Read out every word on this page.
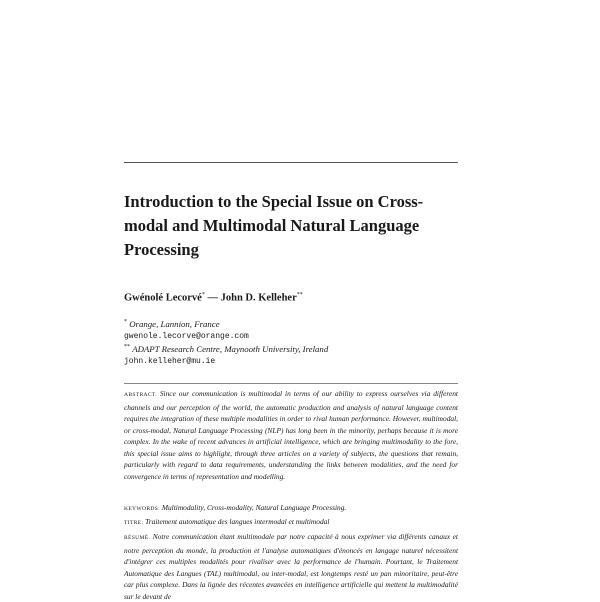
Introduction to the Special Issue on Cross-modal and Multimodal Natural Language Processing
Gwénolé Lecorvé* — John D. Kelleher**
* Orange, Lannion, France
gwenole.lecorve@orange.com
** ADAPT Research Centre, Maynooth University, Ireland
john.kelleher@mu.ie
ABSTRACT. Since our communication is multimodal in terms of our ability to express ourselves via different channels and our perception of the world, the automatic production and analysis of natural language content requires the integration of these multiple modalities in order to rival human performance. However, multimodal, or cross-modal, Natural Language Processing (NLP) has long been in the minority, perhaps because it is more complex. In the wake of recent advances in artificial intelligence, which are bringing multimodality to the fore, this special issue aims to highlight, through three articles on a variety of subjects, the questions that remain, particularly with regard to data requirements, understanding the links between modalities, and the need for convergence in terms of representation and modelling.
KEYWORDS: Multimodality, Cross-modality, Natural Language Processing.
TITRE: Traitement automatique des langues intermodal et multimodal
RÉSUMÉ. Notre communication étant multimodale par notre capacité à nous exprimer via différents canaux et notre perception du monde, la production et l'analyse automatiques d'énoncés en langage naturel nécessitent d'intégrer ces multiples modalités pour rivaliser avec la performance de l'humain. Pourtant, le Traitement Automatique des Langues (TAL) multimodal, ou inter-modal, est longtemps resté un pan minoritaire, peut-être car plus complexe. Dans la lignée des récentes avancées en intelligence artificielle qui mettent la multimodalité sur le devant de
